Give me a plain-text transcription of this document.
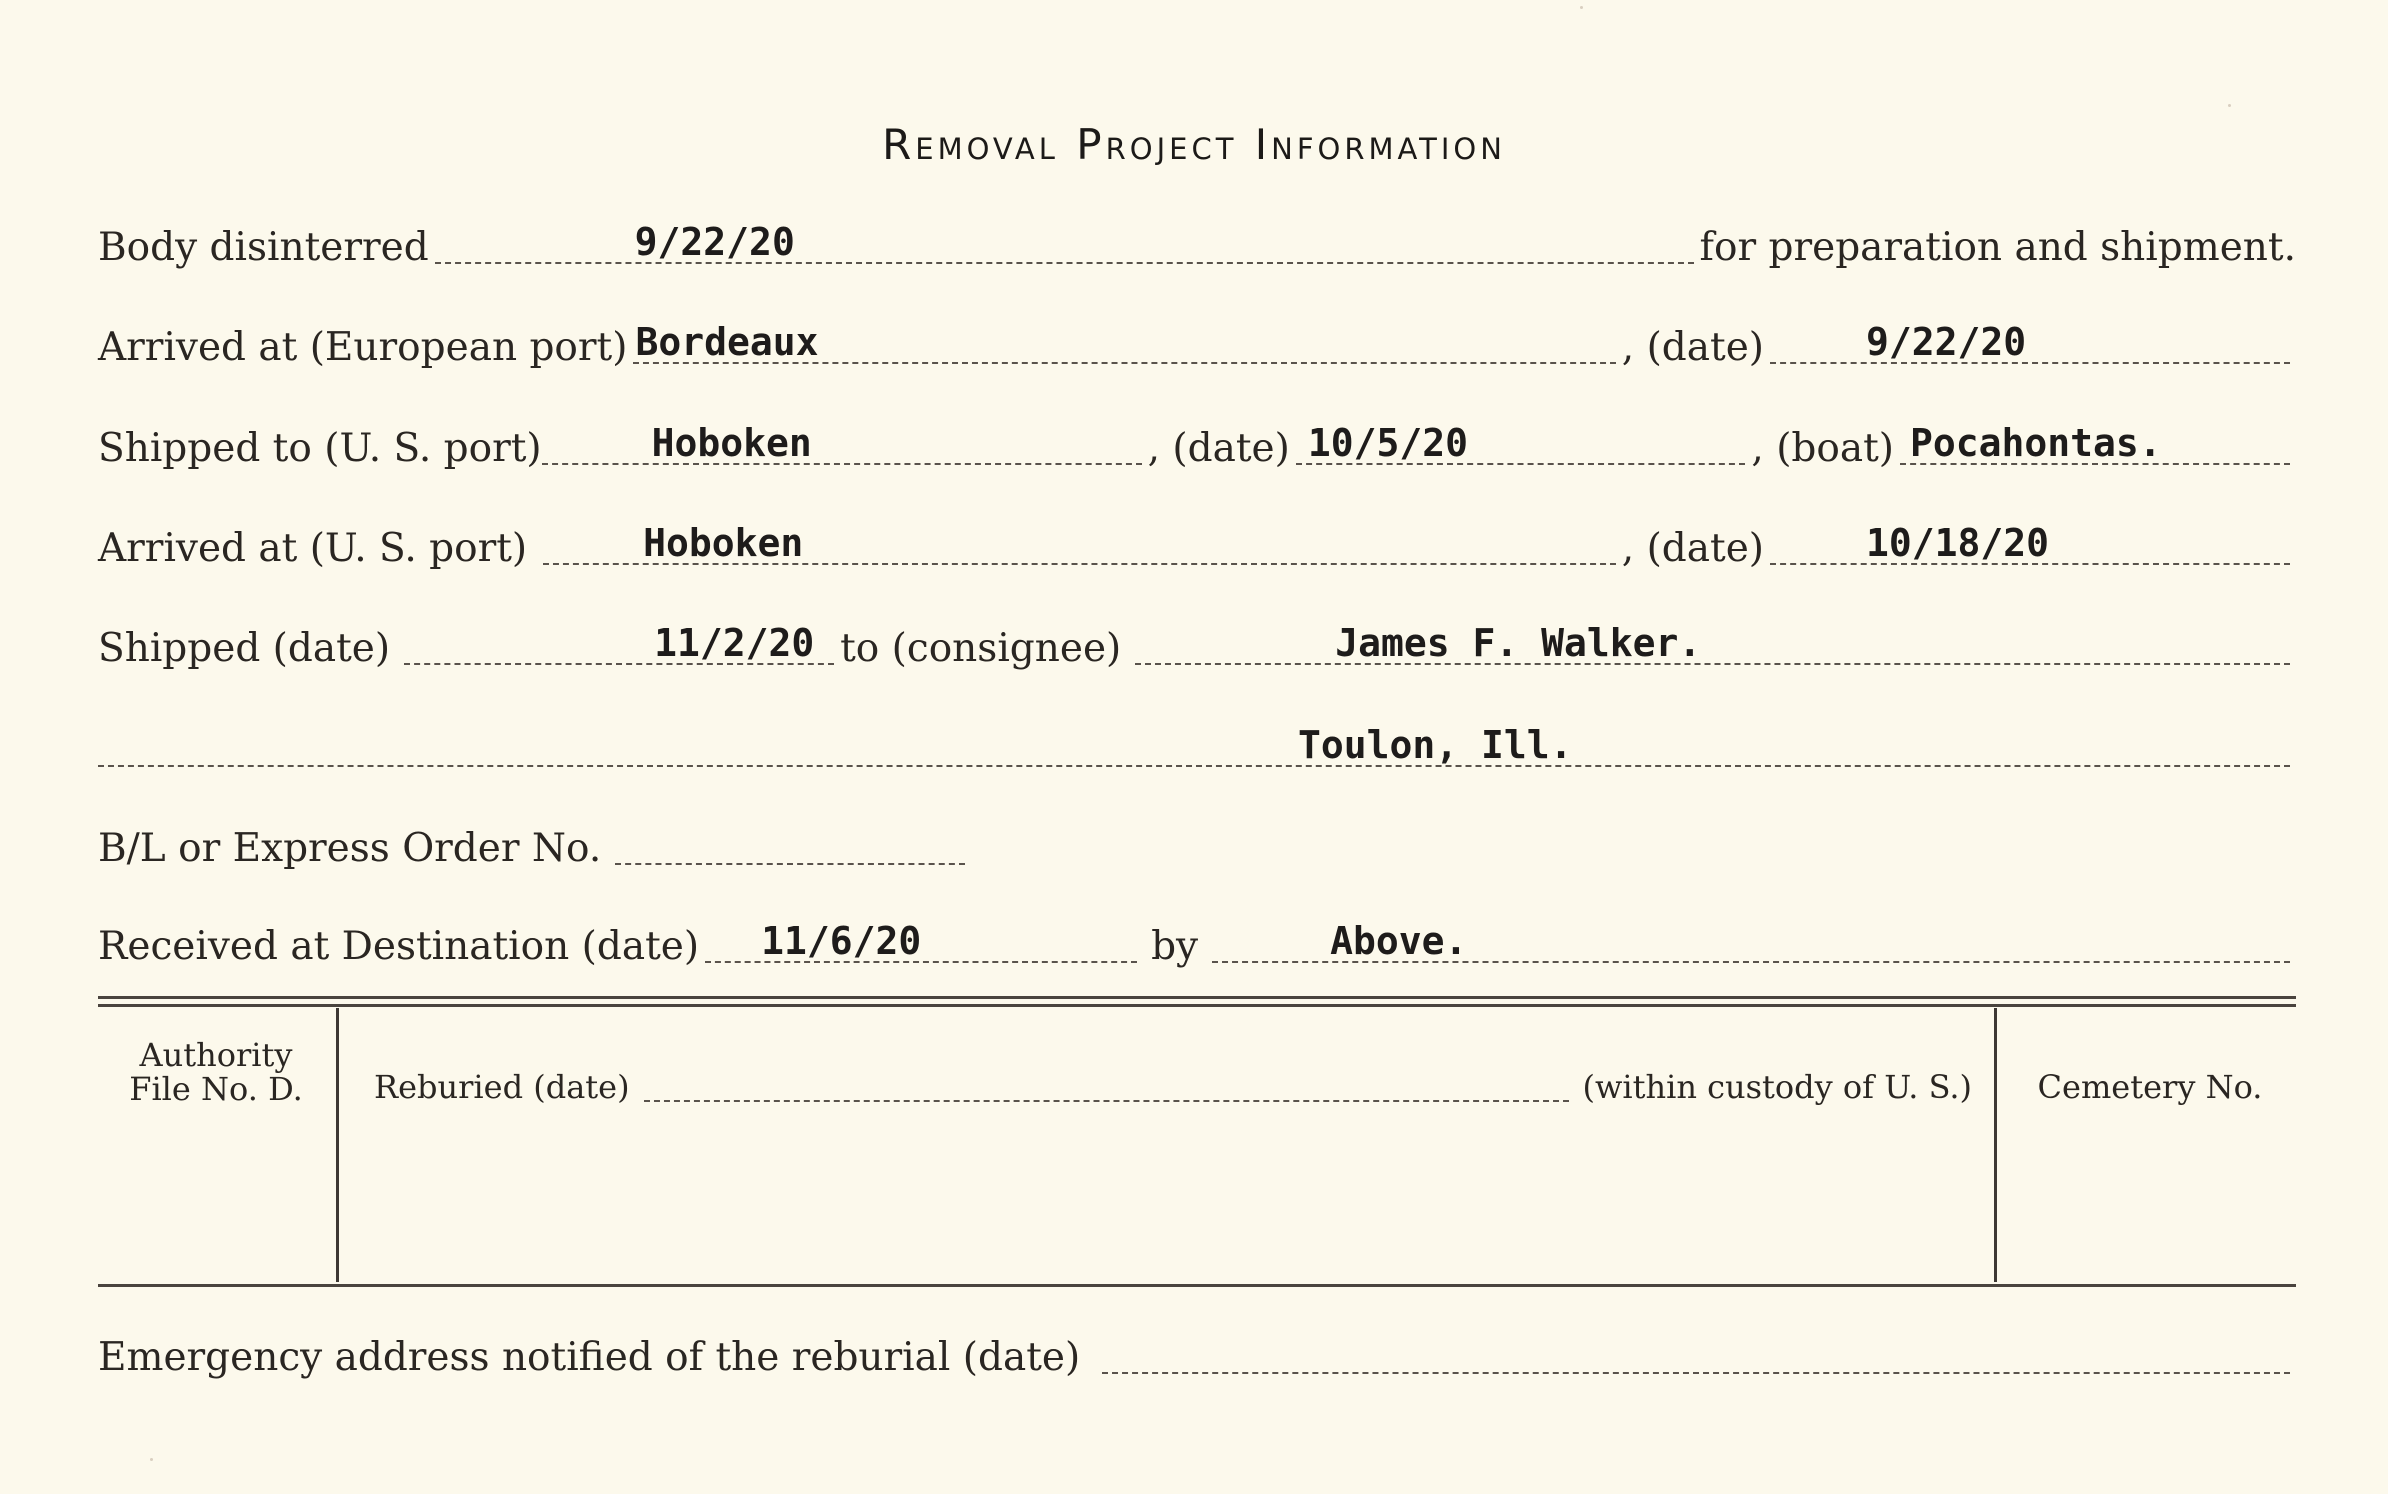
Removal Project Information
Body disinterred	9/22/20	for preparation and shipment.
Arrived at (European port) Bordeaux	, (date)	9/22/20
Shipped to (U. S. port)	Hoboken	, (date) 10/5/20	, (boat) Pocahontas.
Arrived at (U. S. port)	Hoboken	, (date)	10/18/20
Shipped (date)	11/2/20 to (consignee)	James F. Walker.
Toulon, Ill.
B/L or Express Order No.
Received at Destination (date) 11/6/20	by	Above.
Authority
File No. D.	Reburied (date)	(within custody of U. S.)	Cemetery No.
Emergency address notified of the reburial (date)
